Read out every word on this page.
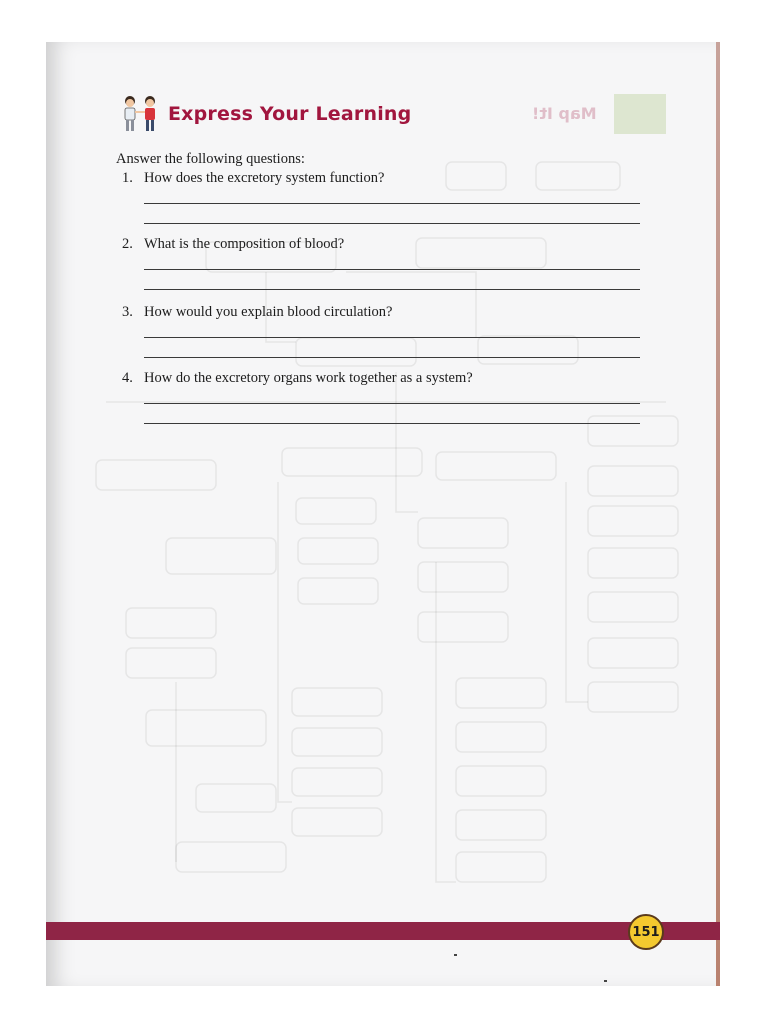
Map It!
Express Your Learning
Answer the following questions:
1. How does the excretory system function?
2. What is the composition of blood?
3. How would you explain blood circulation?
4. How do the excretory organs work together as a system?
151
